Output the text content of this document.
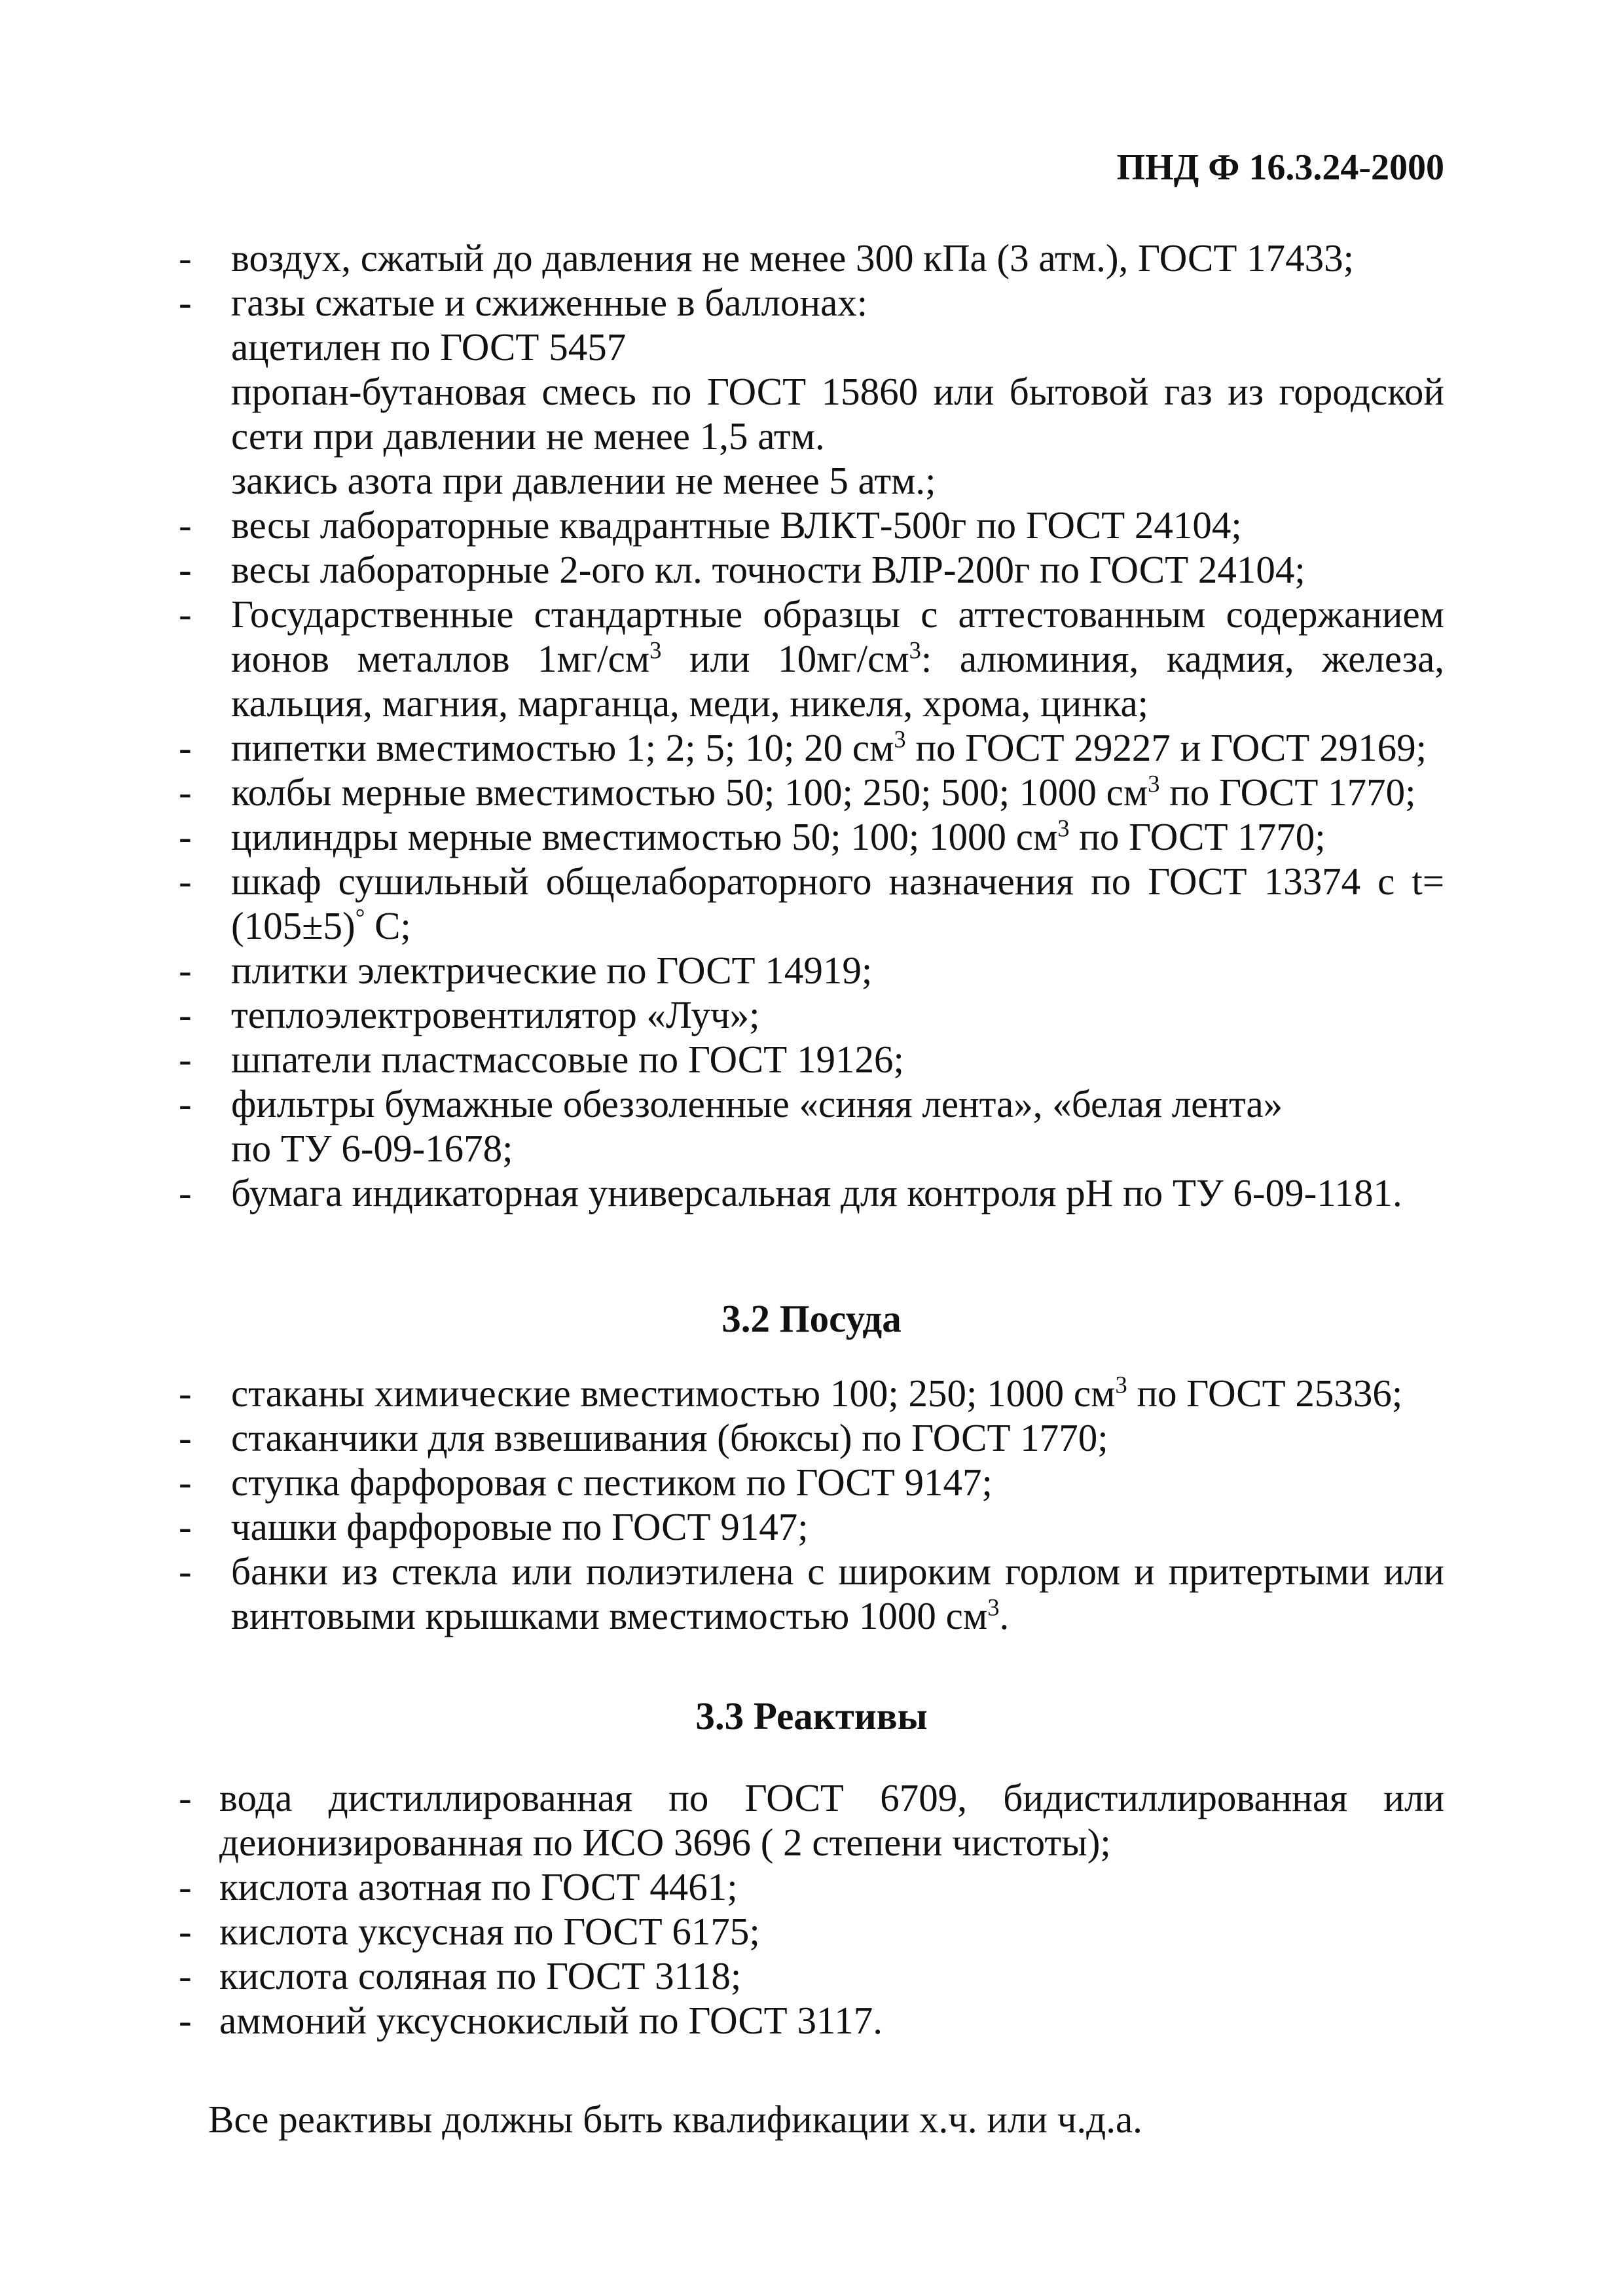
ПНД Ф 16.3.24-2000
- воздух, сжатый до давления не менее 300 кПа (3 атм.), ГОСТ 17433;
- газы сжатые и сжиженные в баллонах:
ацетилен по ГОСТ 5457
пропан-бутановая смесь по ГОСТ 15860 или бытовой газ из городской сети при давлении не менее 1,5 атм.
закись азота при давлении не менее 5 атм.;
- весы лабораторные квадрантные ВЛКТ-500г по ГОСТ 24104;
- весы лабораторные 2-ого кл. точности ВЛР-200г по ГОСТ 24104;
- Государственные стандартные образцы с аттестованным содержанием ионов металлов $1мг/см^3$ или $10мг/см^3$: алюминия, кадмия, железа, кальция, магния, марганца, меди, никеля, хрома, цинка;
- пипетки вместимостью 1; 2; 5; 10; 20 $см^3$ по ГОСТ 29227 и ГОСТ 29169;
- колбы мерные вместимостью 50; 100; 250; 500; 1000 $см^3$ по ГОСТ 1770;
- цилиндры мерные вместимостью 50; 100; 1000 $см^3$ по ГОСТ 1770;
- шкаф сушильный общелабораторного назначения по ГОСТ 13374 с t=(105±5)° С;
- плитки электрические по ГОСТ 14919;
- теплоэлектровентилятор «Луч»;
- шпатели пластмассовые по ГОСТ 19126;
- фильтры бумажные обеззоленные «синяя лента», «белая лента»
по ТУ 6-09-1678;
- бумага индикаторная универсальная для контроля pH по ТУ 6-09-1181.
3.2 Посуда
- стаканы химические вместимостью 100; 250; 1000 $см^3$ по ГОСТ 25336;
- стаканчики для взвешивания (бюксы) по ГОСТ 1770;
- ступка фарфоровая с пестиком по ГОСТ 9147;
- чашки фарфоровые по ГОСТ 9147;
- банки из стекла или полиэтилена с широким горлом и притертыми или винтовыми крышками вместимостью 1000 $см^3$.
3.3 Реактивы
- вода дистиллированная по ГОСТ 6709, бидистиллированная или деионизированная по ИСО 3696 ( 2 степени чистоты);
- кислота азотная по ГОСТ 4461;
- кислота уксусная по ГОСТ 6175;
- кислота соляная по ГОСТ 3118;
- аммоний уксуснокислый по ГОСТ 3117.
Все реактивы должны быть квалификации х.ч. или ч.д.а.
